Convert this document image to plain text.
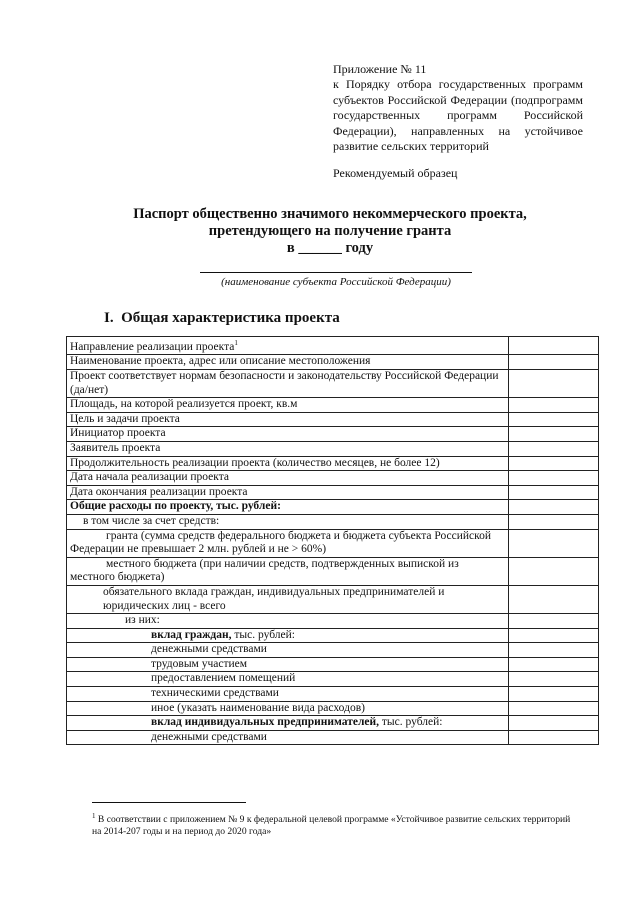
Приложение № 11
к Порядку отбора государственных программ субъектов Российской Федерации (подпрограмм государственных программ Российской Федерации), направленных на устойчивое развитие сельских территорий
Рекомендуемый образец
Паспорт общественно значимого некоммерческого проекта,
претендующего на получение гранта
в ______ году
(наименование субъекта Российской Федерации)
I. Общая характеристика проекта
Направление реализации проекта$^1$	
Наименование проекта, адрес или описание местоположения	
Проект соответствует нормам безопасности и законодательству Российской Федерации (да/нет)	
Площадь, на которой реализуется проект, кв.м	
Цель и задачи проекта	
Инициатор проекта	
Заявитель проекта	
Продолжительность реализации проекта (количество месяцев, не более 12)	
Дата начала реализации проекта	
Дата окончания реализации проекта	
Общие расходы по проекту, тыс. рублей:	
в том числе за счет средств:	
гранта (сумма средств федерального бюджета и бюджета субъекта Российской Федерации не превышает 2 млн. рублей и не > 60%)	
местного бюджета (при наличии средств, подтвержденных выпиской из местного бюджета)	
обязательного вклада граждан, индивидуальных предпринимателей и юридических лиц - всего	
из них:	
вклад граждан, тыс. рублей:	
денежными средствами	
трудовым участием	
предоставлением помещений	
техническими средствами	
иное (указать наименование вида расходов)	
вклад индивидуальных предпринимателей, тыс. рублей:	
денежными средствами	
$^1$ В соответствии с приложением № 9 к федеральной целевой программе «Устойчивое развитие сельских территорий на 2014-207 годы и на период до 2020 года»
